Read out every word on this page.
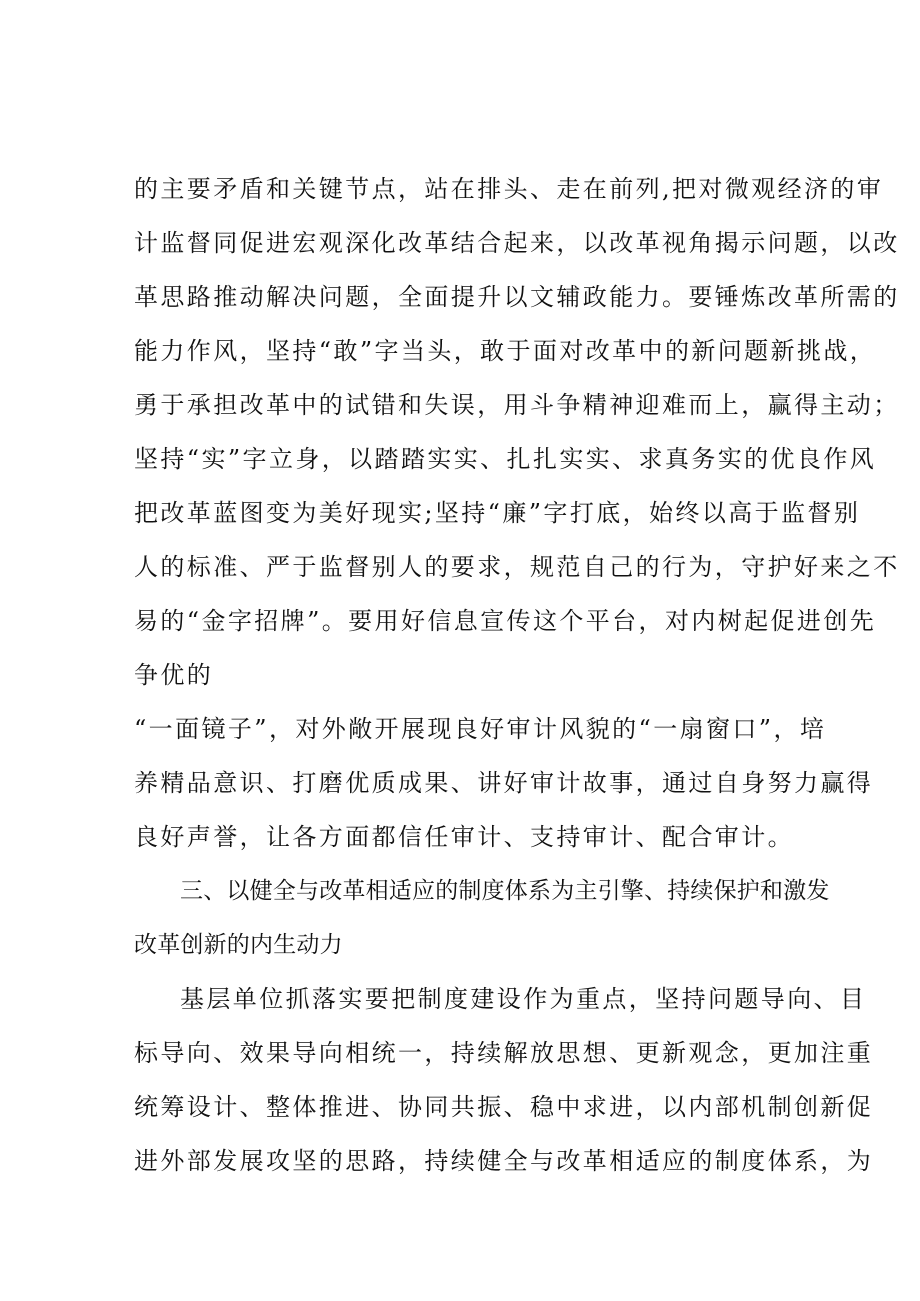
的主要矛盾和关键节点，站在排头、走在前列,把对微观经济的审
计监督同促进宏观深化改革结合起来，以改革视角揭示问题，以改
革思路推动解决问题，全面提升以文辅政能力。要锤炼改革所需的
能力作风，坚持“敢”字当头，敢于面对改革中的新问题新挑战，
勇于承担改革中的试错和失误，用斗争精神迎难而上，赢得主动；
坚持“实”字立身，以踏踏实实、扎扎实实、求真务实的优良作风
把改革蓝图变为美好现实;坚持“廉”字打底，始终以高于监督别
人的标准、严于监督别人的要求，规范自己的行为，守护好来之不
易的“金字招牌”。要用好信息宣传这个平台，对内树起促进创先
争优的
“一面镜子”，对外敞开展现良好审计风貌的“一扇窗口”，培
养精品意识、打磨优质成果、讲好审计故事，通过自身努力赢得
良好声誉，让各方面都信任审计、支持审计、配合审计。
三、以健全与改革相适应的制度体系为主引擎、持续保护和激发
改革创新的内生动力
基层单位抓落实要把制度建设作为重点，坚持问题导向、目
标导向、效果导向相统一，持续解放思想、更新观念，更加注重
统筹设计、整体推进、协同共振、稳中求进，以内部机制创新促
进外部发展攻坚的思路，持续健全与改革相适应的制度体系，为
